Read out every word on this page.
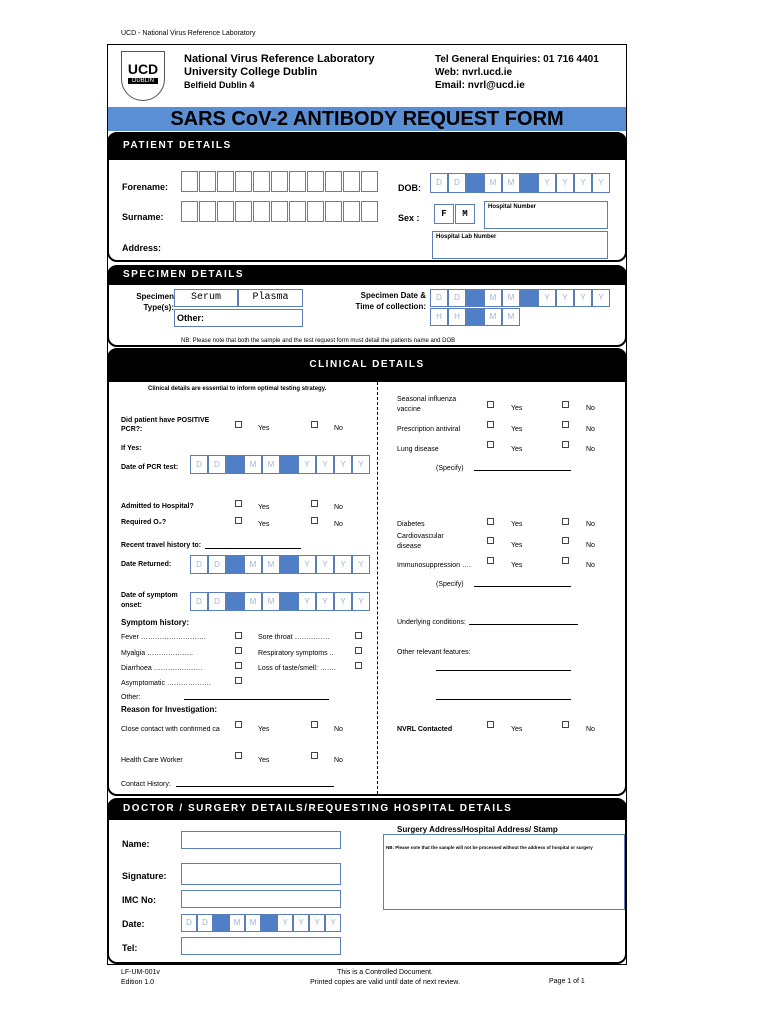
UCD - National Virus Reference Laboratory
UCD
DUBLIN
National Virus Reference Laboratory
University College Dublin
Belfield Dublin 4
Tel General Enquiries: 01 716 4401
Web: nvrl.ucd.ie
Email: nvrl@ucd.ie
SARS CoV-2 ANTIBODY REQUEST FORM
PATIENT DETAILS
Forename:
Surname:
Address:
DOB:
D	D	M	M	Y	Y	Y	Y
Sex :	F	M
Hospital Number
Hospital Lab Number
SPECIMEN DETAILS
Specimen Type(s):
Serum	Plasma
Other:
Specimen Date & Time of collection:
D	D	M	M	Y	Y	Y	Y
H	H	M	M
NB: Please note that both the sample and the test request form must detail the patients name and DOB
CLINICAL DETAILS
Clinical details are essential to inform optimal testing strategy.
Did patient have POSITIVE PCR?:	Yes	No
If Yes:
Date of PCR test:	D	D	M	M	Y	Y	Y	Y
Admitted to Hospital?	Yes	No
Required O₂?	Yes	No
Recent travel history to:
Date Returned:	D	D	M	M	Y	Y	Y	Y
Date of symptom onset:	D	D	M	M	Y	Y	Y	Y
Symptom history:
Fever ……………………….	Sore throat ……………
Myalgia ………………..	Respiratory symptoms ..
Diarrhoea …………………	Loss of taste/smell: …….
Asymptomatic ……………….
Other:
Reason for Investigation:
Close contact with confirmed ca	Yes	No
Health Care Worker	Yes	No
Contact History:
Seasonal influenza vaccine	Yes	No
Prescription antiviral	Yes	No
Lung disease	Yes	No
(Specify)
Diabetes	Yes	No
Cardiovascular disease	Yes	No
Immunosuppression ….	Yes	No
(Specify)
Underlying conditions:
Other relevant features:
NVRL Contacted	Yes	No
DOCTOR / SURGERY DETAILS/REQUESTING HOSPITAL DETAILS
Name:
Signature:
IMC No:
Date:	D	D	M	M	Y	Y	Y	Y
Tel:
Surgery Address/Hospital Address/ Stamp
NB: Please note that the sample will not be processed without the address of hospital or surgery
LF-UM-001v
Edition 1.0
This is a Controlled Document.
Printed copies are valid until date of next review.	Page 1 of 1
